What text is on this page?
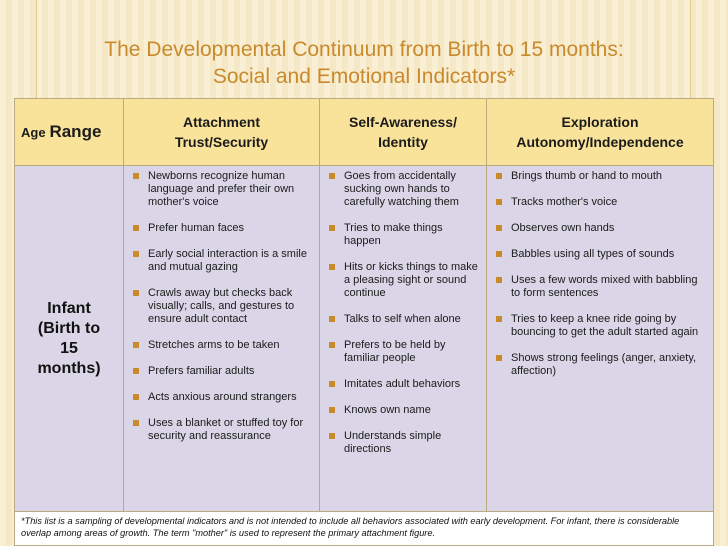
The Developmental Continuum from Birth to 15 months:
Social and Emotional Indicators*
Age Range	Attachment
Trust/Security
Self-Awareness/
Identity
Exploration
Autonomy/Independence
Infant
(Birth to
15
months)
Newborns recognize human language and prefer their own mother's voice
Prefer human faces
Early social interaction is a smile and mutual gazing
Crawls away but checks back visually; calls, and gestures to ensure adult contact
Stretches arms to be taken
Prefers familiar adults
Acts anxious around strangers
Uses a blanket or stuffed toy for security and reassurance
Goes from accidentally sucking own hands to carefully watching them
Tries to make things happen
Hits or kicks things to make a pleasing sight or sound continue
Talks to self when alone
Prefers to be held by familiar people
Imitates adult behaviors
Knows own name
Understands simple directions
Brings thumb or hand to mouth
Tracks mother's voice
Observes own hands
Babbles using all types of sounds
Uses a few words mixed with babbling to form sentences
Tries to keep a knee ride going by bouncing to get the adult started again
Shows strong feelings (anger, anxiety, affection)
*This list is a sampling of developmental indicators and is not intended to include all behaviors associated with early development. For infant, there is considerable overlap among areas of growth. The term "mother" is used to represent the primary attachment figure.
